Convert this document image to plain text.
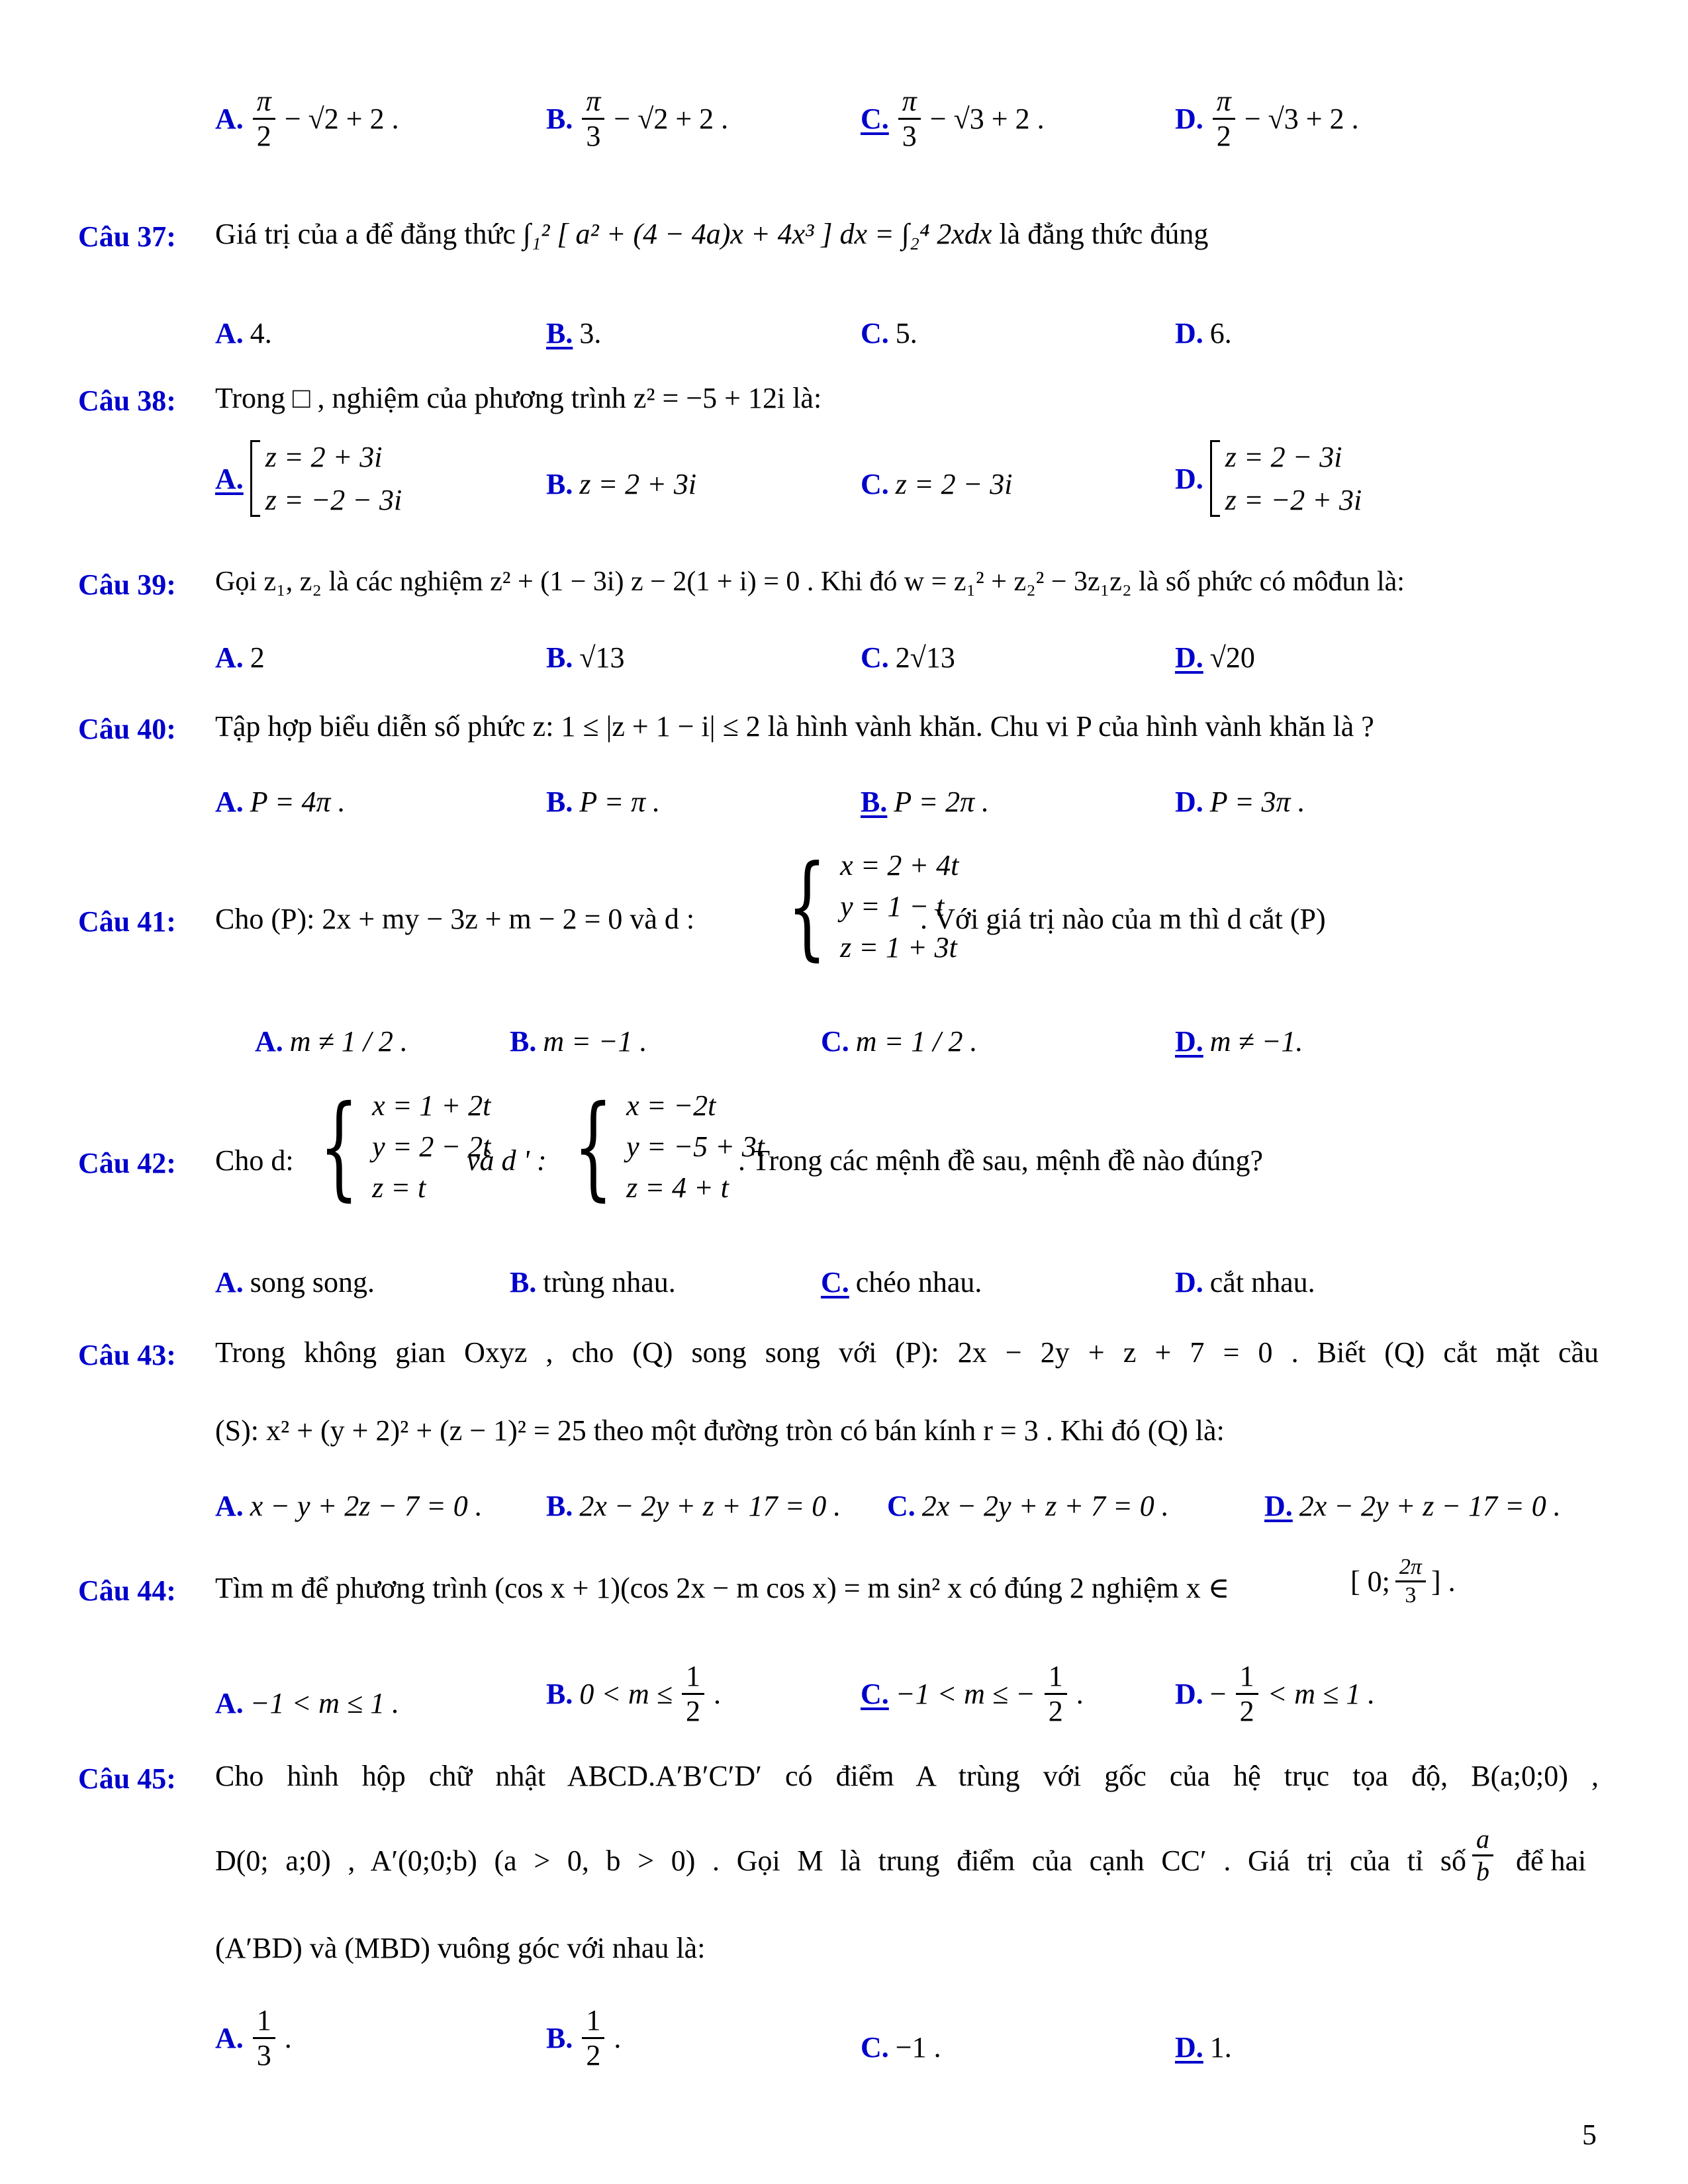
A. $\frac{\pi}{2} - √2 + 2$ .	B. $\frac{\pi}{3} - √2 + 2$ .	C. $\frac{\pi}{3} - √3 + 2$ .	D. $\frac{\pi}{2} - √3 + 2$ .
Câu 37: Giá trị của a để đẳng thức ∫₁² [ a² + (4 − 4a)x + 4x³ ] dx = ∫₂⁴ 2xdx là đẳng thức đúng
A. 4.	B. 3.	C. 5.	D. 6.
Câu 38: Trong □ , nghiệm của phương trình z² = −5 + 12i là:
A.
z = 2 + 3i
z = −2 − 3i	B. z = 2 + 3i	C. z = 2 − 3i	D.
z = 2 − 3i
z = −2 + 3i
Câu 39: Gọi z₁, z₂ là các nghiệm z² + (1 − 3i) z − 2(1 + i) = 0 . Khi đó w = z₁² + z₂² − 3z₁z₂ là số phức có môđun là:
A. 2	B. √13	C. 2√13	D. √20
Câu 40: Tập hợp biểu diễn số phức z: 1 ≤ |z + 1 − i| ≤ 2 là hình vành khăn. Chu vi P của hình vành khăn là ?
A. P = 4π .	B. P = π .	B. P = 2π .	D. P = 3π .
Câu 41: Cho (P): 2x + my − 3z + m − 2 = 0 và d : { x = 2 + 4t
y = 1 − t
z = 1 + 3t
. Với giá trị nào của m thì d cắt (P)
A. m ≠ 1 / 2 .	B. m = −1 .	C. m = 1 / 2 .	D. m ≠ −1.
Câu 42: Cho d: { x = 1 + 2t
y = 2 − 2t
z = t
và d ' : { x = −2t
y = −5 + 3t
z = 4 + t
. Trong các mệnh đề sau, mệnh đề nào đúng?
A. song song.	B. trùng nhau.	C. chéo nhau.	D. cắt nhau.
Câu 43: Trong không gian Oxyz , cho (Q) song song với (P): 2x − 2y + z + 7 = 0 . Biết (Q) cắt mặt cầu
(S): x² + (y + 2)² + (z − 1)² = 25 theo một đường tròn có bán kính r = 3 . Khi đó (Q) là:
A. x − y + 2z − 7 = 0 . B. 2x − 2y + z + 17 = 0 . C. 2x − 2y + z + 7 = 0 .	D. 2x − 2y + z − 17 = 0 .
Câu 44: Tìm m để phương trình (cos x + 1)(cos 2x − m cos x) = m sin² x có đúng 2 nghiệm x ∈	[ 0; $\frac{2\pi}{3}$ ] .
A. −1 < m ≤ 1 .	B. $0 < m \le \frac{1}{2}$ .	C. −1 < m ≤ − $\frac{1}{2}$ .	D. − $\frac{1}{2} < m \le 1$ .
Câu 45: Cho hình hộp chữ nhật ABCD.A′B′C′D′ có điểm A trùng với gốc của hệ trục tọa độ, B(a;0;0) ,
D(0; a;0) , A′(0;0;b) (a > 0, b > 0) . Gọi M là trung điểm của cạnh CC′ . Giá trị của tỉ số $\frac{a}{b}$ để hai
(A′BD) và (MBD) vuông góc với nhau là:
A. $\frac{1}{3}$ .	B. $\frac{1}{2}$ .	C. −1 .	D. 1.
5
